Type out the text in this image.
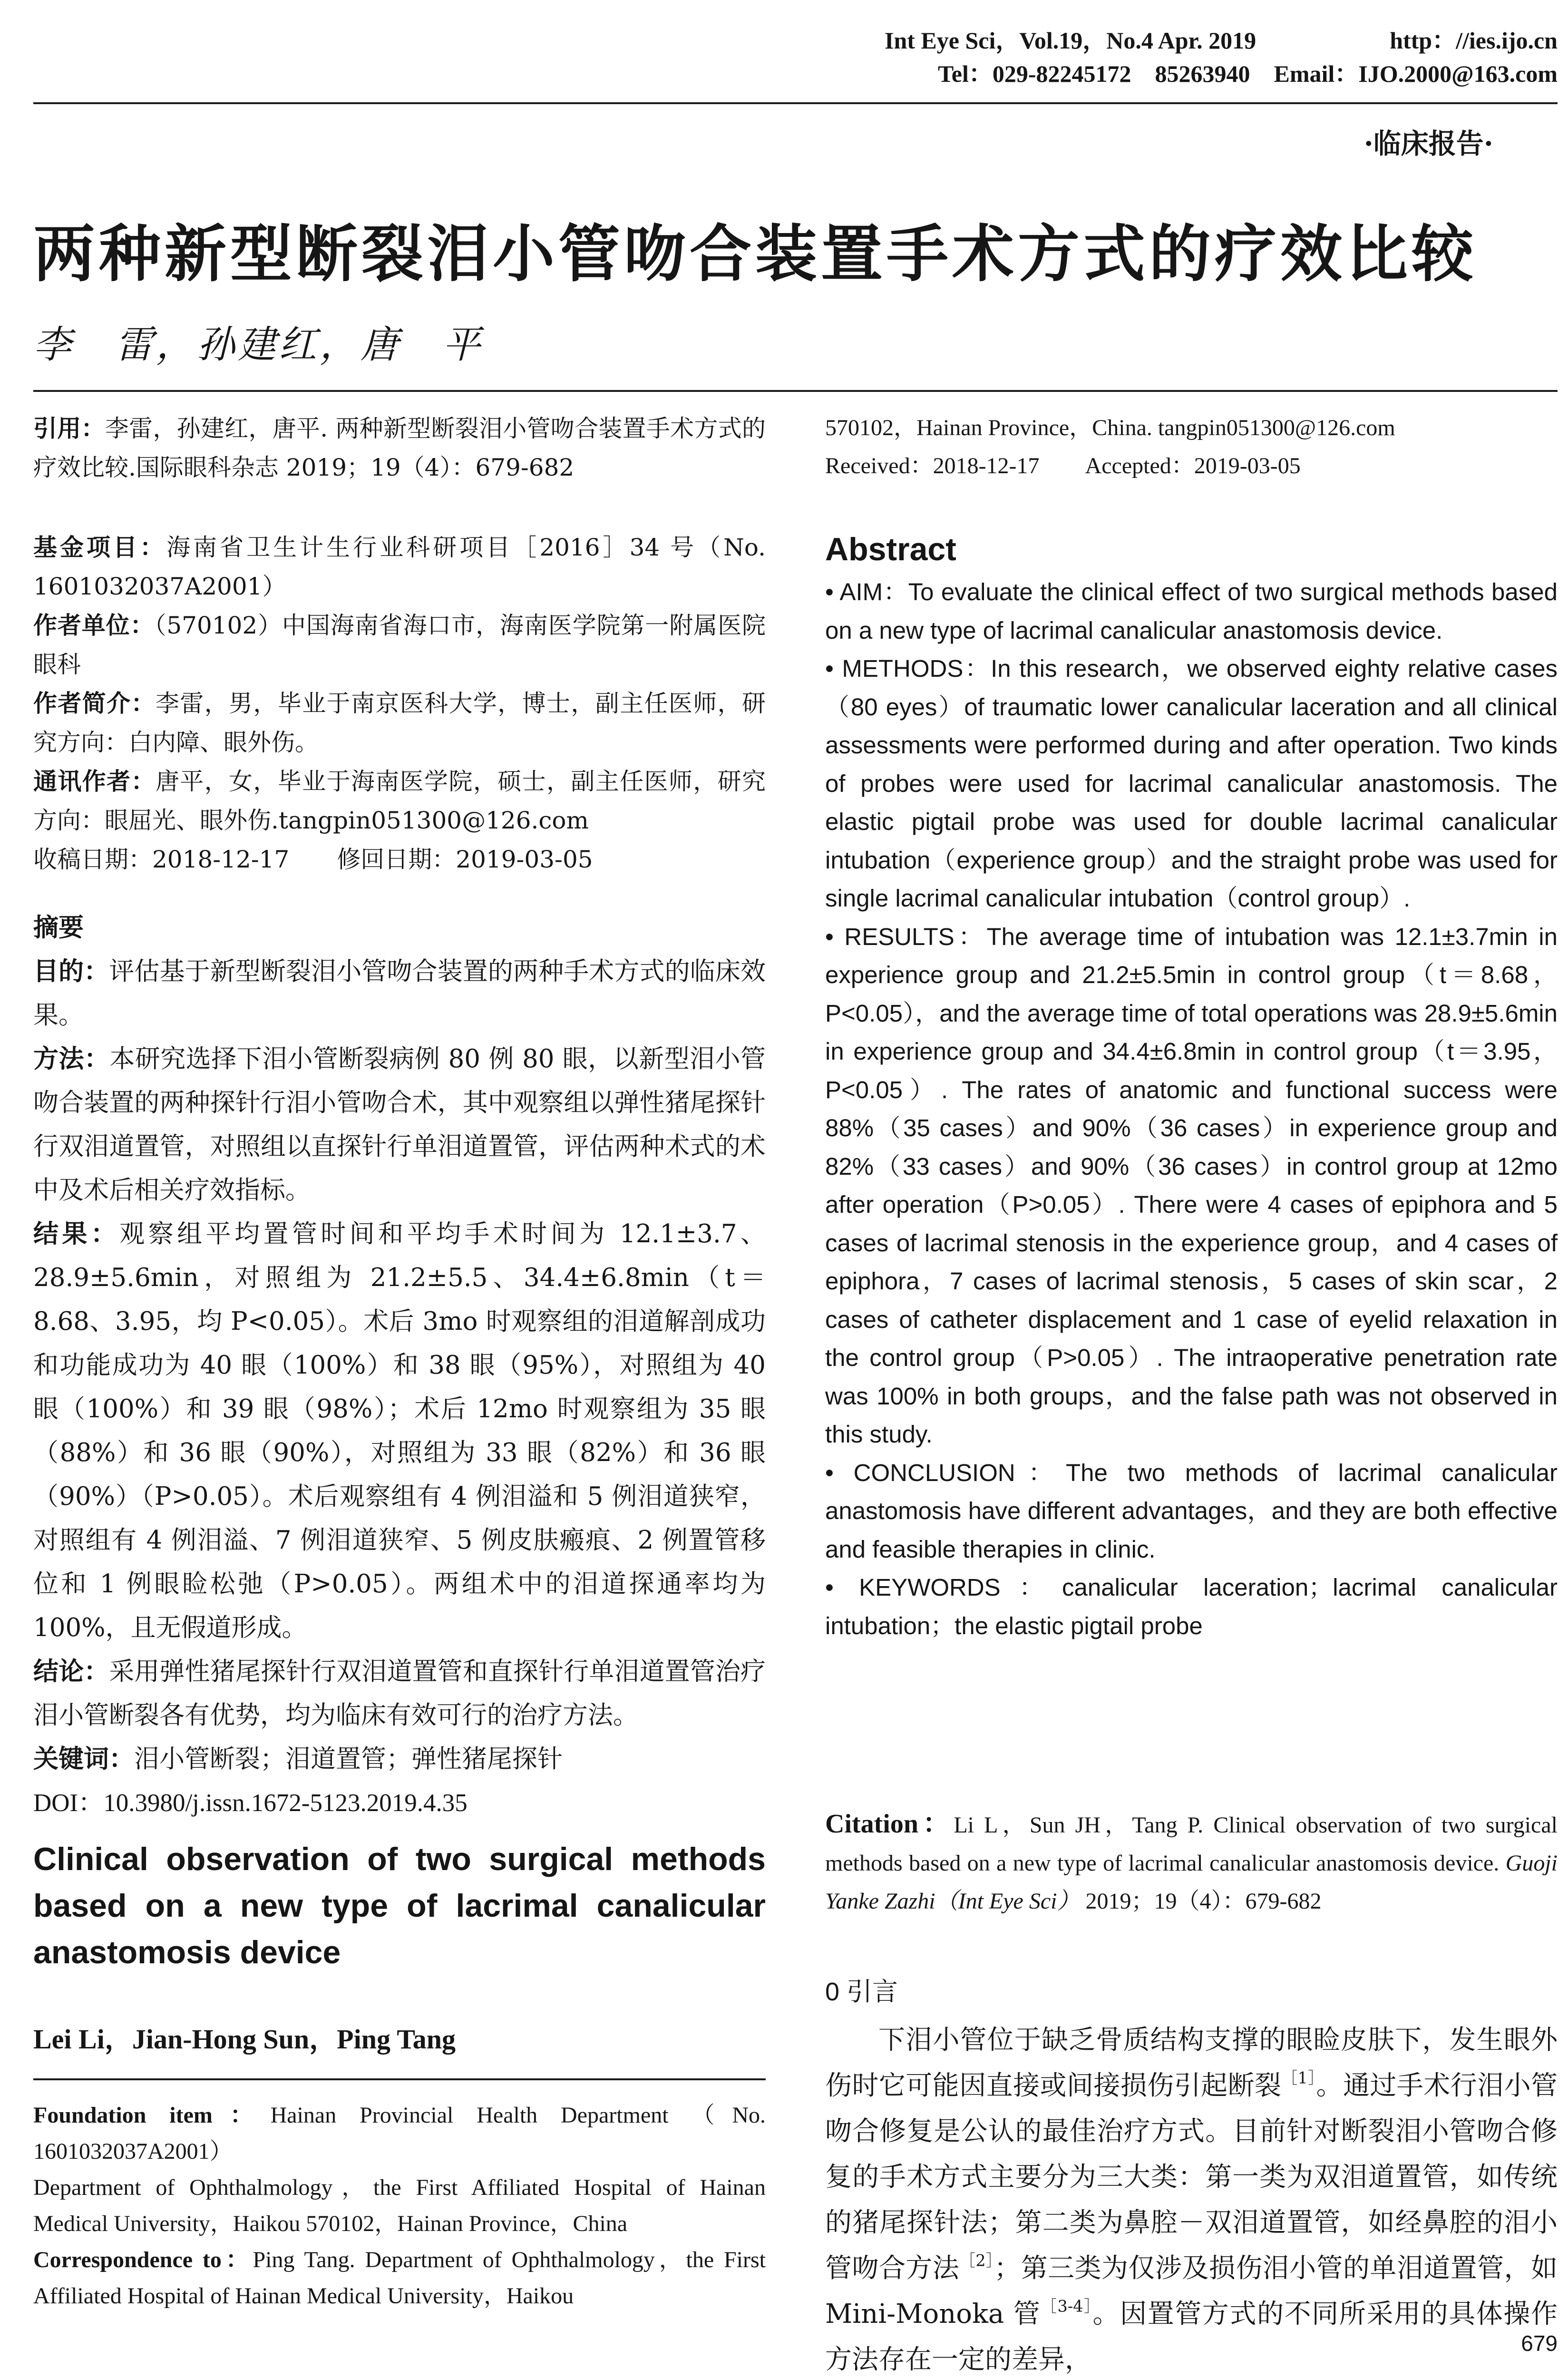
Int Eye Sci，Vol.19，No.4 Apr. 2019	http：//ies.ijo.cn
Tel：029-82245172　85263940　Email：IJO.2000@163.com
·临床报告·
两种新型断裂泪小管吻合装置手术方式的疗效比较
李　雷，孙建红，唐　平

引用：李雷，孙建红，唐平. 两种新型断裂泪小管吻合装置手术方式的疗效比较.国际眼科杂志 2019；19（4）：679-682

基金项目：海南省卫生计生行业科研项目［2016］34 号（No. 1601032037A2001）

作者单位：（570102）中国海南省海口市，海南医学院第一附属医院眼科

作者简介：李雷，男，毕业于南京医科大学，博士，副主任医师，研究方向：白内障、眼外伤。

通讯作者：唐平，女，毕业于海南医学院，硕士，副主任医师，研究方向：眼屈光、眼外伤.tangpin051300@126.com

收稿日期：2018-12-17　　修回日期：2019-03-05

摘要

目的：评估基于新型断裂泪小管吻合装置的两种手术方式的临床效果。

方法：本研究选择下泪小管断裂病例 80 例 80 眼，以新型泪小管吻合装置的两种探针行泪小管吻合术，其中观察组以弹性猪尾探针行双泪道置管，对照组以直探针行单泪道置管，评估两种术式的术中及术后相关疗效指标。

结果：观察组平均置管时间和平均手术时间为 12.1±3.7、28.9±5.6min，对照组为 21.2±5.5、34.4±6.8min（t＝8.68、3.95，均 P<0.05）。术后 3mo 时观察组的泪道解剖成功和功能成功为 40 眼（100%）和 38 眼（95%），对照组为 40 眼（100%）和 39 眼（98%）；术后 12mo 时观察组为 35 眼（88%）和 36 眼（90%），对照组为 33 眼（82%）和 36 眼（90%）（P>0.05）。术后观察组有 4 例泪溢和 5 例泪道狭窄，对照组有 4 例泪溢、7 例泪道狭窄、5 例皮肤瘢痕、2 例置管移位和 1 例眼睑松弛（P>0.05）。两组术中的泪道探通率均为 100%，且无假道形成。

结论：采用弹性猪尾探针行双泪道置管和直探针行单泪道置管治疗泪小管断裂各有优势，均为临床有效可行的治疗方法。

关键词：泪小管断裂；泪道置管；弹性猪尾探针

DOI：10.3980/j.issn.1672-5123.2019.4.35

Clinical observation of two surgical methods based on a new type of lacrimal canalicular anastomosis device
Lei Li，Jian-Hong Sun，Ping Tang

Foundation item：Hainan Provincial Health Department （No. 1601032037A2001）

Department of Ophthalmology，the First Affiliated Hospital of Hainan Medical University，Haikou 570102，Hainan Province，China

Correspondence to：Ping Tang. Department of Ophthalmology，the First Affiliated Hospital of Hainan Medical University，Haikou

570102，Hainan Province，China. tangpin051300@126.com

Received：2018-12-17　　Accepted：2019-03-05

Abstract

• AIM：To evaluate the clinical effect of two surgical methods based on a new type of lacrimal canalicular anastomosis device.

• METHODS：In this research，we observed eighty relative cases（80 eyes）of traumatic lower canalicular laceration and all clinical assessments were performed during and after operation. Two kinds of probes were used for lacrimal canalicular anastomosis. The elastic pigtail probe was used for double lacrimal canalicular intubation（experience group）and the straight probe was used for single lacrimal canalicular intubation（control group）.

• RESULTS：The average time of intubation was 12.1±3.7min in experience group and 21.2±5.5min in control group（t＝8.68，P<0.05），and the average time of total operations was 28.9±5.6min in experience group and 34.4±6.8min in control group（t＝3.95，P<0.05）. The rates of anatomic and functional success were 88%（35 cases）and 90%（36 cases）in experience group and 82%（33 cases）and 90%（36 cases）in control group at 12mo after operation（P>0.05）. There were 4 cases of epiphora and 5 cases of lacrimal stenosis in the experience group，and 4 cases of epiphora，7 cases of lacrimal stenosis，5 cases of skin scar，2 cases of catheter displacement and 1 case of eyelid relaxation in the control group（P>0.05）. The intraoperative penetration rate was 100% in both groups，and the false path was not observed in this study.

• CONCLUSION：The two methods of lacrimal canalicular anastomosis have different advantages，and they are both effective and feasible therapies in clinic.

• KEYWORDS：canalicular laceration；lacrimal canalicular intubation；the elastic pigtail probe

Citation：Li L，Sun JH，Tang P. Clinical observation of two surgical methods based on a new type of lacrimal canalicular anastomosis device. Guoji Yanke Zazhi（Int Eye Sci） 2019；19（4）：679-682

0 引言

下泪小管位于缺乏骨质结构支撑的眼睑皮肤下，发生眼外伤时它可能因直接或间接损伤引起断裂$^{[1]}$。通过手术行泪小管吻合修复是公认的最佳治疗方式。目前针对断裂泪小管吻合修复的手术方式主要分为三大类：第一类为双泪道置管，如传统的猪尾探针法；第二类为鼻腔－双泪道置管，如经鼻腔的泪小管吻合方法$^{[2]}$；第三类为仅涉及损伤泪小管的单泪道置管，如 Mini-Monoka 管$^{[3-4]}$。因置管方式的不同所采用的具体操作方法存在一定的差异，

679
